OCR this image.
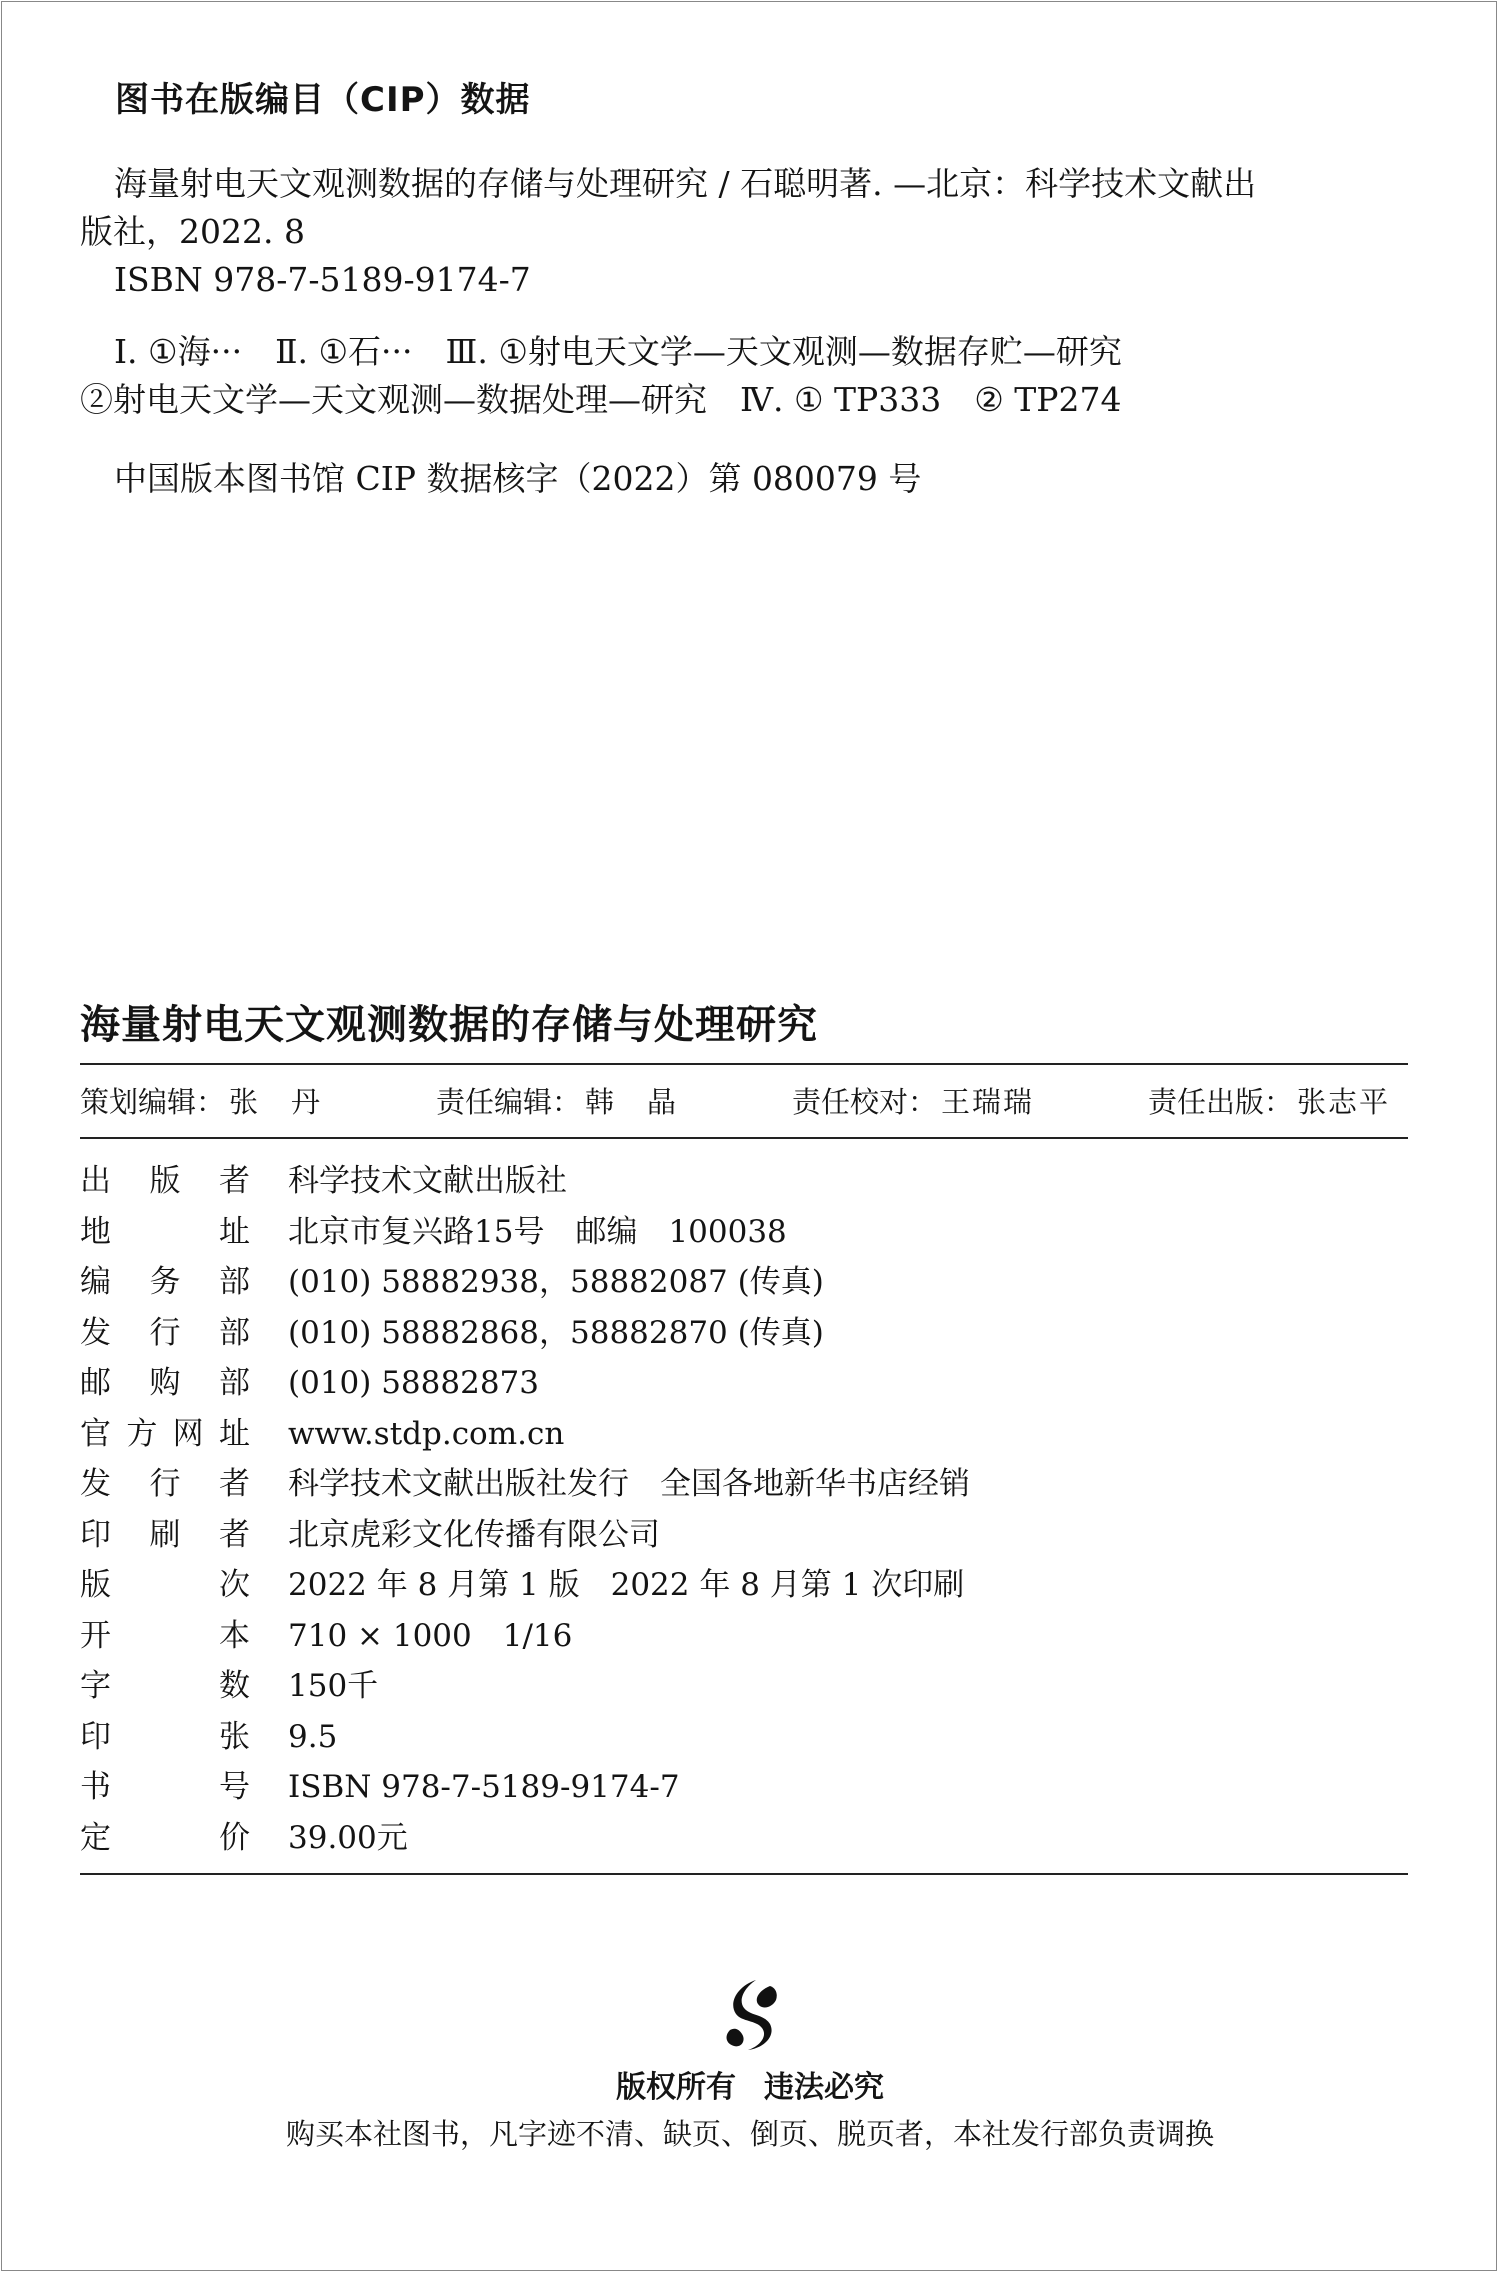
图书在版编目（CIP）数据
海量射电天文观测数据的存储与处理研究 / 石聪明著. —北京：科学技术文献出
版社，2022. 8
ISBN 978-7-5189-9174-7
Ⅰ. ①海···　Ⅱ. ①石···　Ⅲ. ①射电天文学—天文观测—数据存贮—研究
②射电天文学—天文观测—数据处理—研究　Ⅳ. ① TP333　② TP274
中国版本图书馆 CIP 数据核字（2022）第 080079 号
海量射电天文观测数据的存储与处理研究
策划编辑： 张　丹	责任编辑： 韩　晶	责任校对： 王瑞瑞	责任出版： 张志平
出 版 者 科学技术文献出版社
地	址 北京市复兴路15号　邮编　100038
编 务 部 (010) 58882938，58882087 (传真)
发 行 部 (010) 58882868，58882870 (传真)
邮 购 部 (010) 58882873
官 方 网 址 www.stdp.com.cn
发 行 者 科学技术文献出版社发行　全国各地新华书店经销
印 刷 者 北京虎彩文化传播有限公司
版	次 2022 年 8 月第 1 版　2022 年 8 月第 1 次印刷
开	本 710 × 1000　1/16
字	数 150千
印	张 9.5
书	号 ISBN 978-7-5189-9174-7
定	价 39.00元
版权所有 违法必究
购买本社图书，凡字迹不清、缺页、倒页、脱页者，本社发行部负责调换
